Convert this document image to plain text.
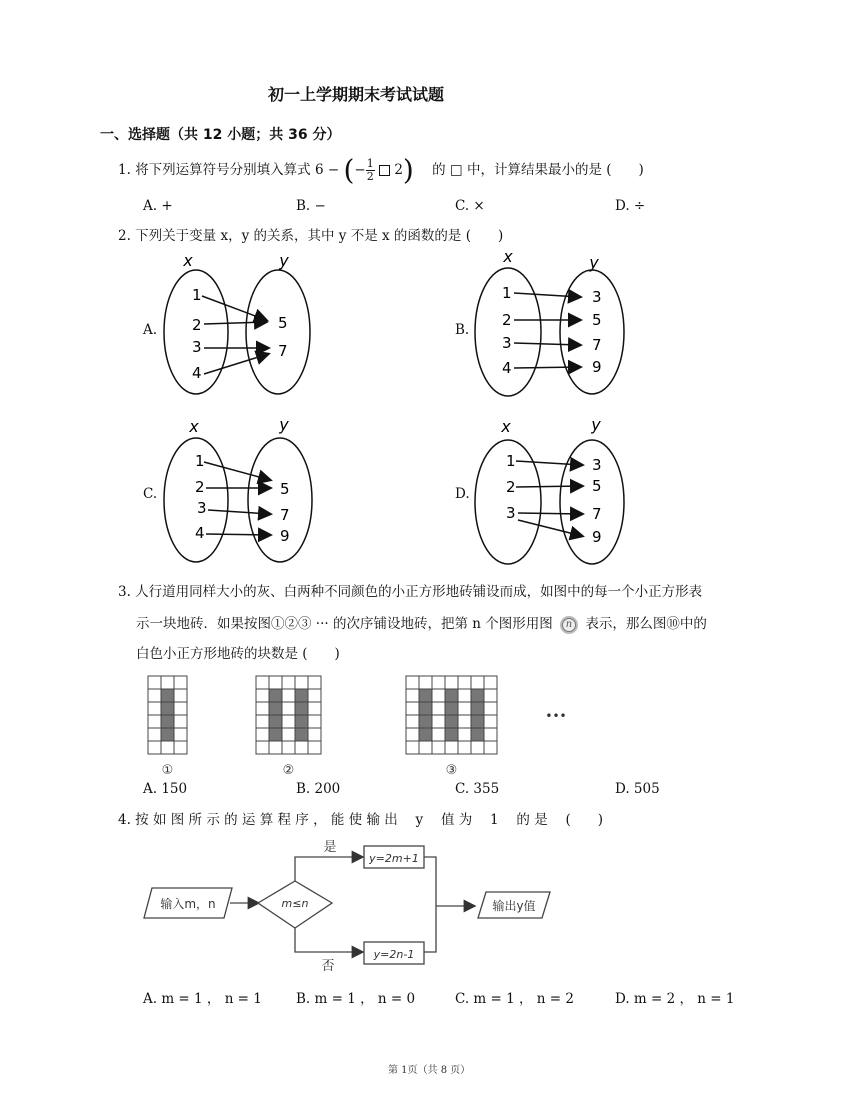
初一上学期期末考试试题
一、选择题（共 12 小题；共 36 分）
1. 将下列运算符号分别填入算式 6 − (− $\frac{1}{2} 2$) 的 □ 中，计算结果最小的是 (　　)
A. +	B. −	C. ×	D. ÷
2. 下列关于变量 x，y 的关系，其中 y 不是 x 的函数的是 (　　)
A.	B.
C.	D.
x	y
1
2
3
4
5
7
x	y
1
2
3
4
3
5
7
9
x	y
1
2
3
4
5
7
9
x	y
1
2
3
3
5
7
9
3. 人行道用同样大小的灰、白两种不同颜色的小正方形地砖铺设而成，如图中的每一个小正方形表
示一块地砖．如果按图①②③ ··· 的次序铺设地砖，把第 n 个图形用图 n 表示，那么图⑩中的
白色小正方形地砖的块数是 (　　)
①	②	③
•••
A. 150	B. 200	C. 355	D. 505
4. 按 如 图 所 示 的 运 算 程 序 ， 能 使 输 出 　y　 值 为 　1　 的 是 　(　　)
输入m，n	m≤n
是
y=2m+1
否
y=2n-1
输出y值
A. m = 1 ， n = 1	B. m = 1 ， n = 0	C. m = 1 ， n = 2	D. m = 2 ， n = 1
第 1页（共 8 页）
